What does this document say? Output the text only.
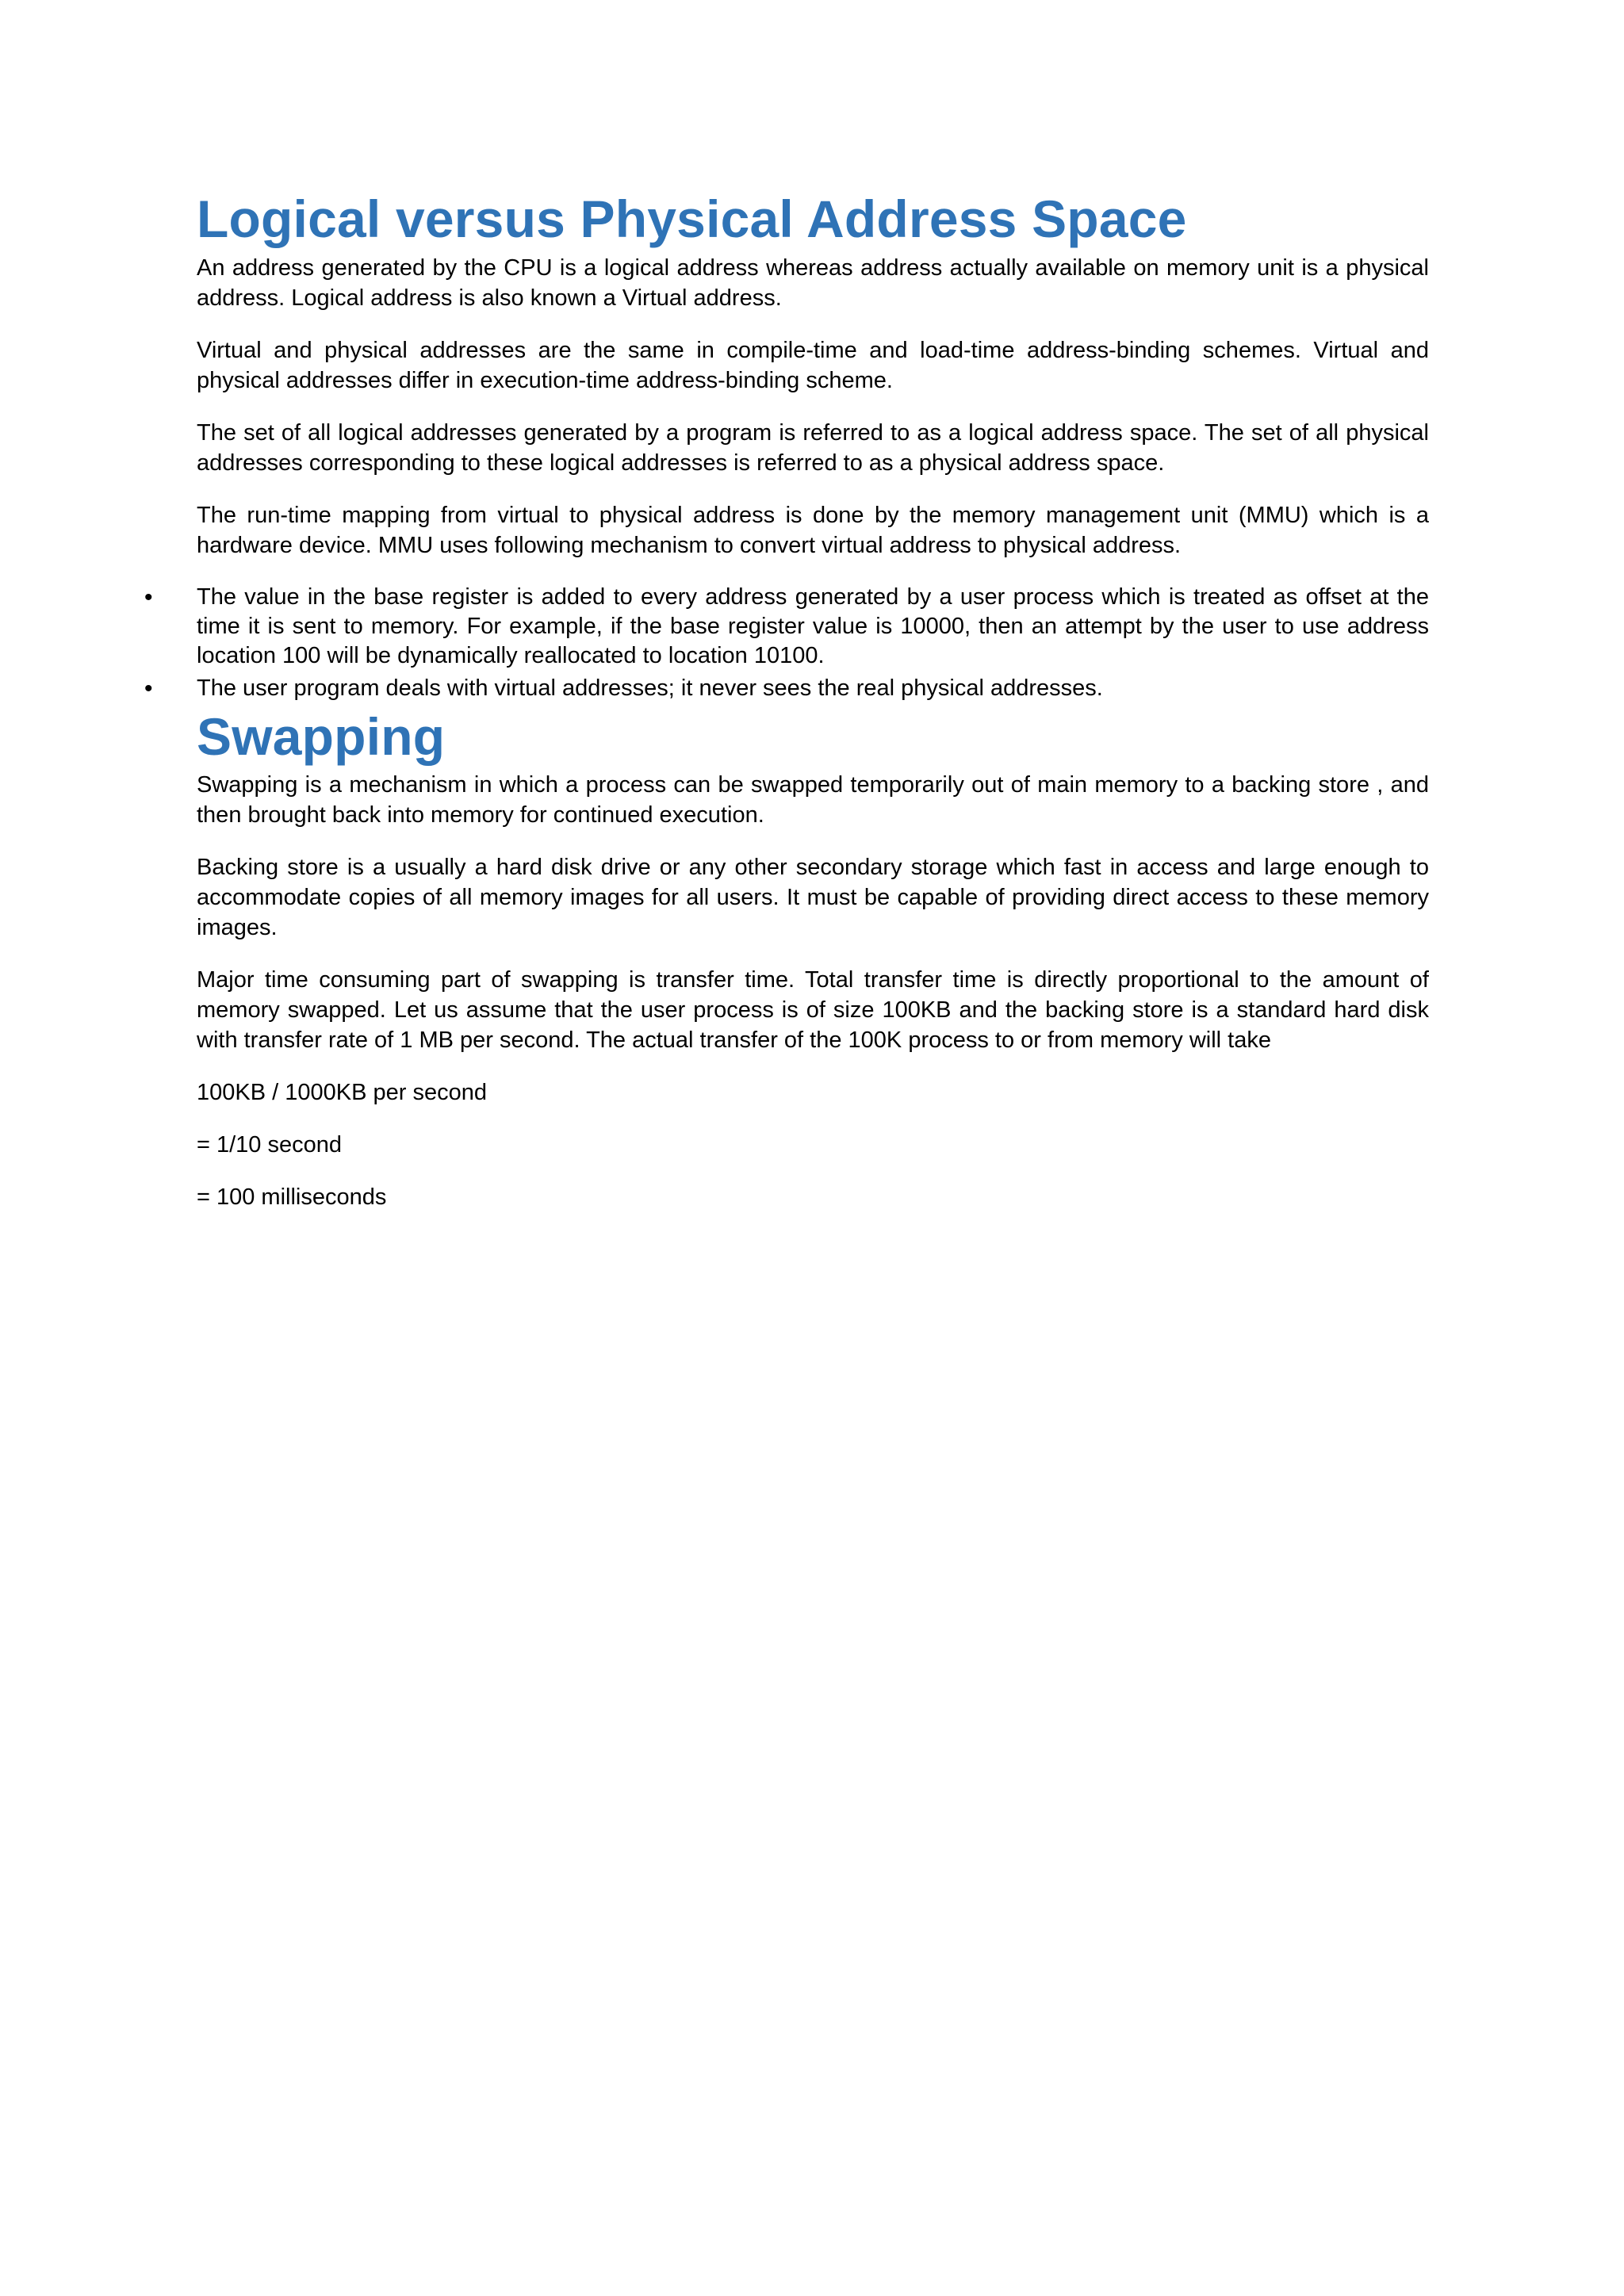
Logical versus Physical Address Space

An address generated by the CPU is a logical address whereas address actually available on memory unit is a physical address. Logical address is also known a Virtual address.

Virtual and physical addresses are the same in compile-time and load-time address-binding schemes. Virtual and physical addresses differ in execution-time address-binding scheme.

The set of all logical addresses generated by a program is referred to as a logical address space. The set of all physical addresses corresponding to these logical addresses is referred to as a physical address space.

The run-time mapping from virtual to physical address is done by the memory management unit (MMU) which is a hardware device. MMU uses following mechanism to convert virtual address to physical address.

•	The value in the base register is added to every address generated by a user process which is treated as offset at the time it is sent to memory. For example, if the base register value is 10000, then an attempt by the user to use address location 100 will be dynamically reallocated to location 10100.
•	The user program deals with virtual addresses; it never sees the real physical addresses.
Swapping

Swapping is a mechanism in which a process can be swapped temporarily out of main memory to a backing store , and then brought back into memory for continued execution.

Backing store is a usually a hard disk drive or any other secondary storage which fast in access and large enough to accommodate copies of all memory images for all users. It must be capable of providing direct access to these memory images.

Major time consuming part of swapping is transfer time. Total transfer time is directly proportional to the amount of memory swapped. Let us assume that the user process is of size 100KB and the backing store is a standard hard disk with transfer rate of 1 MB per second. The actual transfer of the 100K process to or from memory will take

100KB / 1000KB per second

= 1/10 second

= 100 milliseconds
